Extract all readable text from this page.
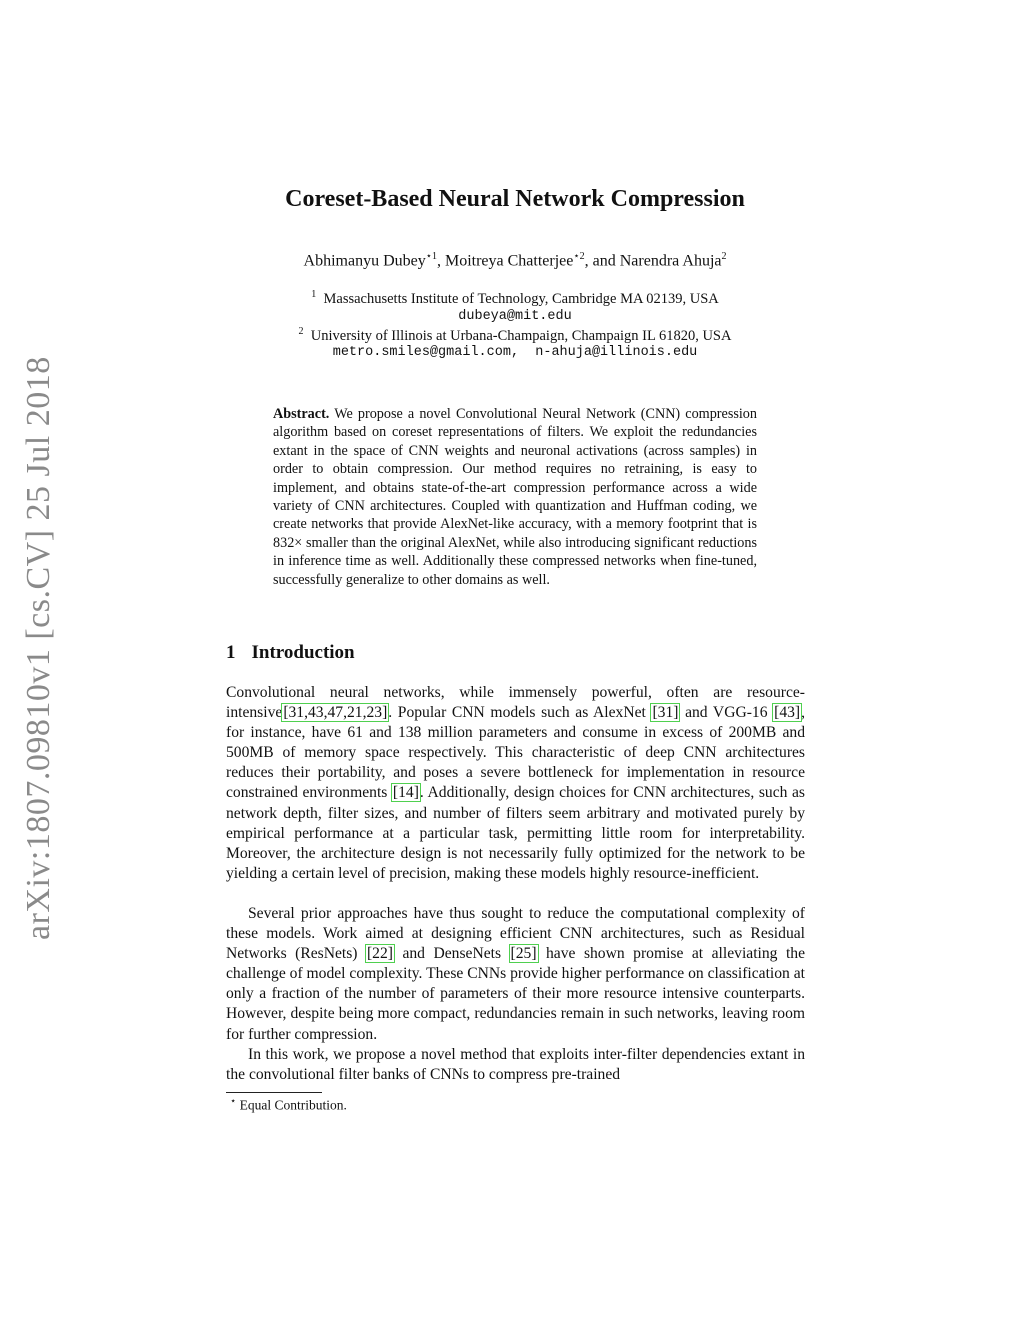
arXiv:1807.09810v1 [cs.CV] 25 Jul 2018
Coreset-Based Neural Network Compression
Abhimanyu Dubey$^{⋆1}$, Moitreya Chatterjee$^{⋆2}$, and Narendra Ahuja$^2$
$^1$ Massachusetts Institute of Technology, Cambridge MA 02139, USA
dubeya@mit.edu
$^2$ University of Illinois at Urbana-Champaign, Champaign IL 61820, USA
metro.smiles@gmail.com,  n-ahuja@illinois.edu
Abstract. We propose a novel Convolutional Neural Network (CNN) compression algorithm based on coreset representations of filters. We exploit the redundancies extant in the space of CNN weights and neuronal activations (across samples) in order to obtain compression. Our method requires no retraining, is easy to implement, and obtains state-of-the-art compression performance across a wide variety of CNN architectures. Coupled with quantization and Huffman coding, we create networks that provide AlexNet-like accuracy, with a memory footprint that is 832× smaller than the original AlexNet, while also introducing significant reductions in inference time as well. Additionally these compressed networks when fine-tuned, successfully generalize to other domains as well.
1 Introduction
Convolutional neural networks, while immensely powerful, often are resource-intensive[31,43,47,21,23]. Popular CNN models such as AlexNet [31] and VGG-16 [43], for instance, have 61 and 138 million parameters and consume in excess of 200MB and 500MB of memory space respectively. This characteristic of deep CNN architectures reduces their portability, and poses a severe bottleneck for implementation in resource constrained environments [14]. Additionally, design choices for CNN architectures, such as network depth, filter sizes, and number of filters seem arbitrary and motivated purely by empirical performance at a particular task, permitting little room for interpretability. Moreover, the architecture design is not necessarily fully optimized for the network to be yielding a certain level of precision, making these models highly resource-inefficient.
Several prior approaches have thus sought to reduce the computational complexity of these models. Work aimed at designing efficient CNN architectures, such as Residual Networks (ResNets) [22] and DenseNets [25] have shown promise at alleviating the challenge of model complexity. These CNNs provide higher performance on classification at only a fraction of the number of parameters of their more resource intensive counterparts. However, despite being more compact, redundancies remain in such networks, leaving room for further compression.
In this work, we propose a novel method that exploits inter-filter dependencies extant in the convolutional filter banks of CNNs to compress pre-trained
⋆ Equal Contribution.
